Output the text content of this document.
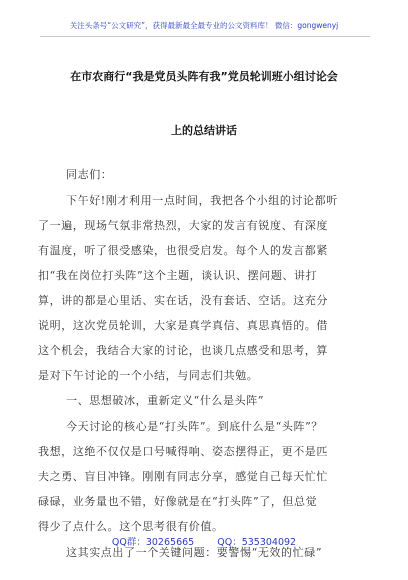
关注头条号“公文研究”，获得最新最全最专业的公文资料库！ 微信：gongwenyj
在市农商行“我是党员头阵有我”党员轮训班小组讨论会
上的总结讲话
同志们：
下午好!刚才利用一点时间，我把各个小组的讨论都听
了一遍，现场气氛非常热烈，大家的发言有锐度、有深度
有温度，听了很受感染，也很受启发。每个人的发言都紧
扣“我在岗位打头阵”这个主题，谈认识、摆问题、讲打
算，讲的都是心里话、实在话，没有套话、空话。这充分
说明，这次党员轮训，大家是真学真信、真思真悟的。借
这个机会，我结合大家的讨论，也谈几点感受和思考，算
是对下午讨论的一个小结，与同志们共勉。
一、思想破冰，重新定义“什么是头阵”
今天讨论的核心是“打头阵”。到底什么是“头阵”？
我想，这绝不仅仅是口号喊得响、姿态摆得正，更不是匹
夫之勇、盲目冲锋。刚刚有同志分享，感觉自己每天忙忙
碌碌，业务量也不错，好像就是在“打头阵”了，但总觉
得少了点什么。这个思考很有价值。
这其实点出了一个关键问题：要警惕“无效的忙碌”
QQ群：30265665 QQ：535304092
